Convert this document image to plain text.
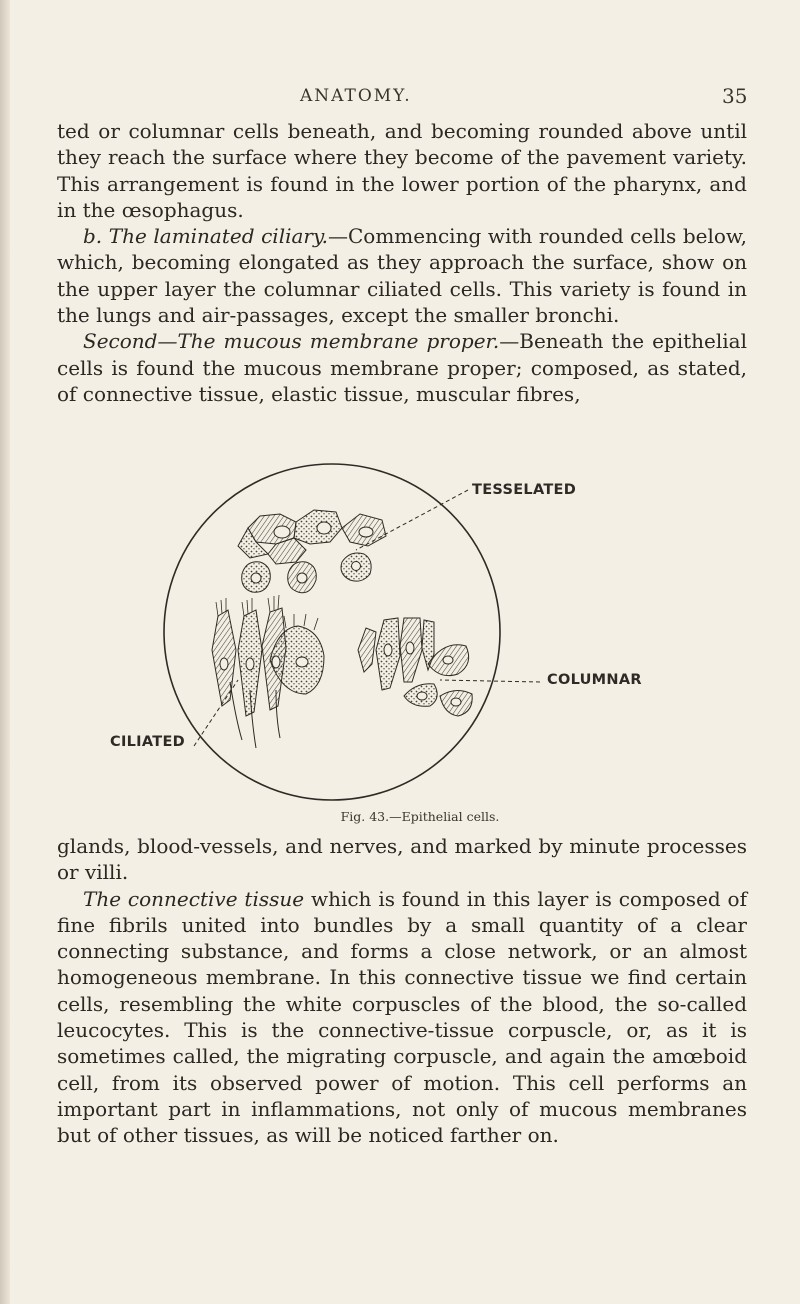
ANATOMY.	35

ted or columnar cells beneath, and becoming rounded above until they reach the surface where they become of the pavement variety. This arrangement is found in the lower portion of the pharynx, and in the œsophagus.

b. The laminated ciliary.—Commencing with rounded cells below, which, becoming elongated as they approach the surface, show on the upper layer the columnar ciliated cells. This variety is found in the lungs and air-passages, except the smaller bronchi.

Second—The mucous membrane proper.—Beneath the epithelial cells is found the mucous membrane proper; composed, as stated, of connective tissue, elastic tissue, muscular fibres,

TESSELATED
COLUMNAR
CILIATED
Fig. 43.—Epithelial cells.

glands, blood-vessels, and nerves, and marked by minute processes or villi.

The connective tissue which is found in this layer is composed of fine fibrils united into bundles by a small quantity of a clear connecting substance, and forms a close network, or an almost homogeneous membrane. In this connective tissue we find certain cells, resembling the white corpuscles of the blood, the so-called leucocytes. This is the connective-tissue corpuscle, or, as it is sometimes called, the migrating corpuscle, and again the amœboid cell, from its observed power of motion. This cell performs an important part in inflammations, not only of mucous membranes but of other tissues, as will be noticed farther on.
